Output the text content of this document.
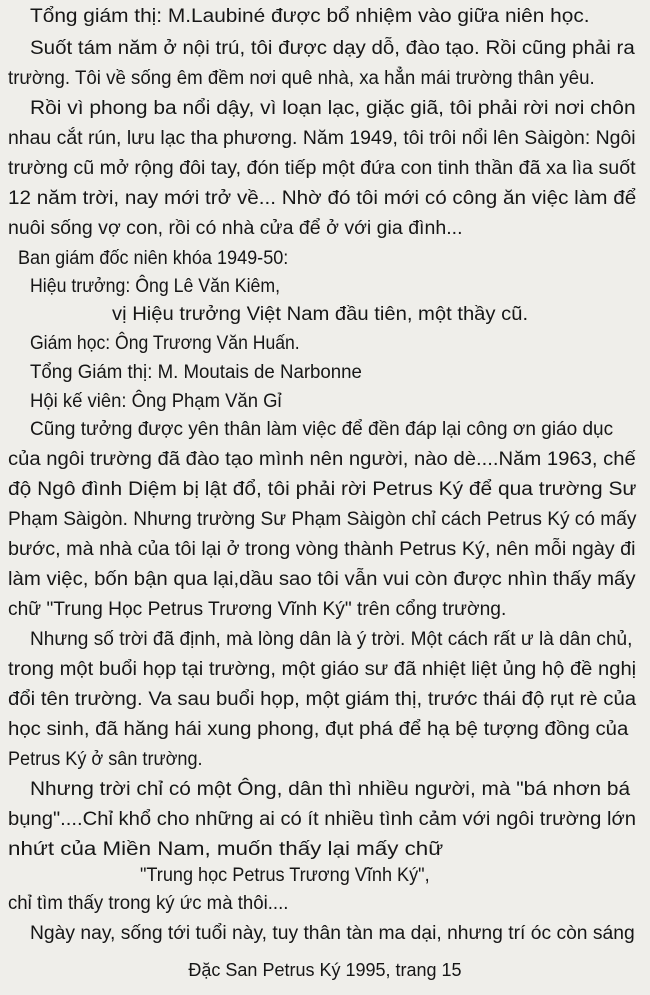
Tổng giám thị: M.Laubiné được bổ nhiệm vào giữa niên học.
Suốt tám năm ở nội trú, tôi được dạy dỗ, đào tạo. Rồi cũng phải ra
trường. Tôi về sống êm đềm nơi quê nhà, xa hẳn mái trường thân yêu.
Rồi vì phong ba nổi dậy, vì loạn lạc, giặc giã, tôi phải rời nơi chôn
nhau cắt rún, lưu lạc tha phương. Năm 1949, tôi trôi nổi lên Sàigòn: Ngôi
trường cũ mở rộng đôi tay, đón tiếp một đứa con tinh thần đã xa lìa suốt
12 năm trời, nay mới trở về... Nhờ đó tôi mới có công ăn việc làm để
nuôi sống vợ con, rồi có nhà cửa để ở với gia đình...
Ban giám đốc niên khóa 1949-50:
Hiệu trưởng: Ông Lê Văn Kiêm,
vị Hiệu trưởng Việt Nam đầu tiên, một thầy cũ.
Giám học: Ông Trương Văn Huấn.
Tổng Giám thị: M. Moutais de Narbonne
Hội kế viên: Ông Phạm Văn Gỉ
Cũng tưởng được yên thân làm việc để đền đáp lại công ơn giáo dục
của ngôi trường đã đào tạo mình nên người, nào dè....Năm 1963, chế
độ Ngô đình Diệm bị lật đổ, tôi phải rời Petrus Ký để qua trường Sư
Phạm Sàigòn. Nhưng trường Sư Phạm Sàigòn chỉ cách Petrus Ký có mấy
bước, mà nhà của tôi lại ở trong vòng thành Petrus Ký, nên mỗi ngày đi
làm việc, bốn bận qua lại,dầu sao tôi vẫn vui còn được nhìn thấy mấy
chữ "Trung Học Petrus Trương Vĩnh Ký" trên cổng trường.
Nhưng số trời đã định, mà lòng dân là ý trời. Một cách rất ư là dân chủ,
trong một buổi họp tại trường, một giáo sư đã nhiệt liệt ủng hộ đề nghị
đổi tên trường. Va sau buổi họp, một giám thị, trước thái độ rụt rè của
học sinh, đã hăng hái xung phong, đụt phá để hạ bệ tượng đồng của
Petrus Ký ở sân trường.
Nhưng trời chỉ có một Ông, dân thì nhiều người, mà "bá nhơn bá
bụng"....Chỉ khổ cho những ai có ít nhiều tình cảm với ngôi trường lớn
nhứt của Miền Nam, muốn thấy lại mấy chữ
"Trung học Petrus Trương Vĩnh Ký",
chỉ tìm thấy trong ký ức mà thôi....
Ngày nay, sống tới tuổi này, tuy thân tàn ma dại, nhưng trí óc còn sáng
Đặc San Petrus Ký 1995, trang 15
